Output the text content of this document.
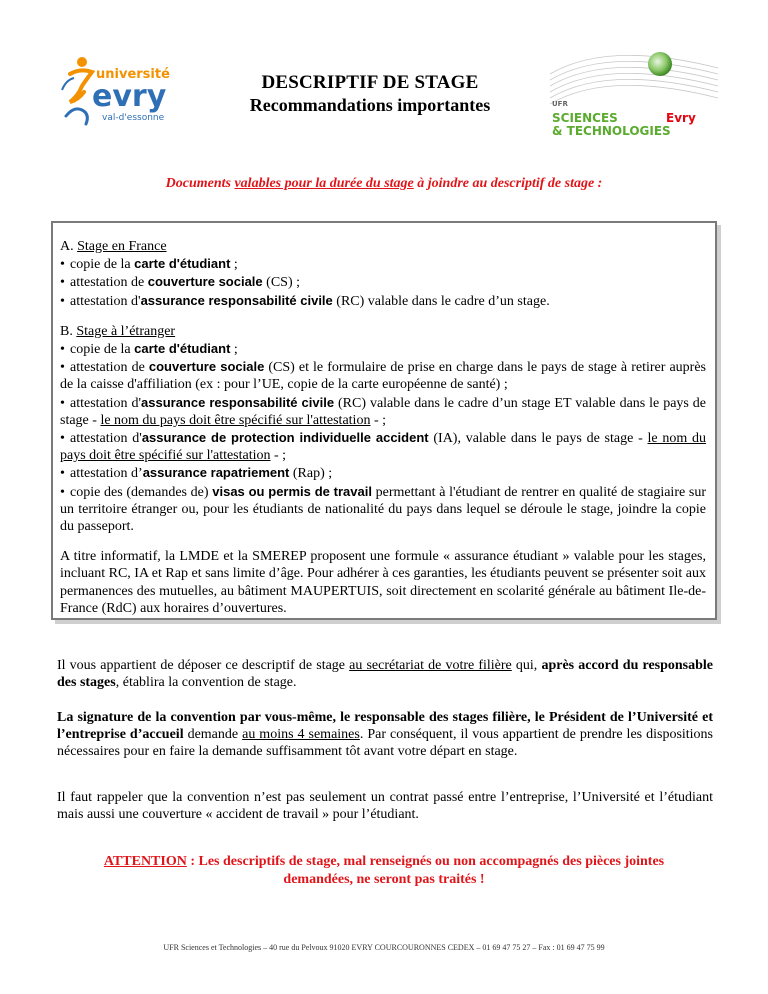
université
evry
val-d'essonne
DESCRIPTIF DE STAGE
Recommandations importantes	UFR
SCIENCES	Evry
& TECHNOLOGIES
Documents valables pour la durée du stage à joindre au descriptif de stage :

A. Stage en France

• copie de la carte d'étudiant ;

• attestation de couverture sociale (CS) ;

• attestation d'assurance responsabilité civile (RC) valable dans le cadre d’un stage.

B. Stage à l’étranger

• copie de la carte d'étudiant ;

• attestation de couverture sociale (CS) et le formulaire de prise en charge dans le pays de stage à retirer auprès de la caisse d'affiliation (ex : pour l’UE, copie de la carte européenne de santé) ;

• attestation d'assurance responsabilité civile (RC) valable dans le cadre d’un stage ET valable dans le pays de stage - le nom du pays doit être spécifié sur l'attestation - ;

• attestation d'assurance de protection individuelle accident (IA), valable dans le pays de stage - le nom du pays doit être spécifié sur l'attestation - ;

• attestation d’assurance rapatriement (Rap) ;

• copie des (demandes de) visas ou permis de travail permettant à l'étudiant de rentrer en qualité de stagiaire sur un territoire étranger ou, pour les étudiants de nationalité du pays dans lequel se déroule le stage, joindre la copie du passeport.

A titre informatif, la LMDE et la SMEREP proposent une formule « assurance étudiant » valable pour les stages, incluant RC, IA et Rap et sans limite d’âge. Pour adhérer à ces garanties, les étudiants peuvent se présenter soit aux permanences des mutuelles, au bâtiment MAUPERTUIS, soit directement en scolarité générale au bâtiment Ile-de-France (RdC) aux horaires d’ouvertures.

Il vous appartient de déposer ce descriptif de stage au secrétariat de votre filière qui, après accord du responsable des stages, établira la convention de stage.
La signature de la convention par vous-même, le responsable des stages filière, le Président de l’Université et l’entreprise d’accueil demande au moins 4 semaines. Par conséquent, il vous appartient de prendre les dispositions nécessaires pour en faire la demande suffisamment tôt avant votre départ en stage.
Il faut rappeler que la convention n’est pas seulement un contrat passé entre l’entreprise, l’Université et l’étudiant mais aussi une couverture « accident de travail » pour l’étudiant.
ATTENTION : Les descriptifs de stage, mal renseignés ou non accompagnés des pièces jointes
demandées, ne seront pas traités !
UFR Sciences et Technologies – 40 rue du Pelvoux 91020 EVRY COURCOURONNES CEDEX – 01 69 47 75 27 – Fax : 01 69 47 75 99
